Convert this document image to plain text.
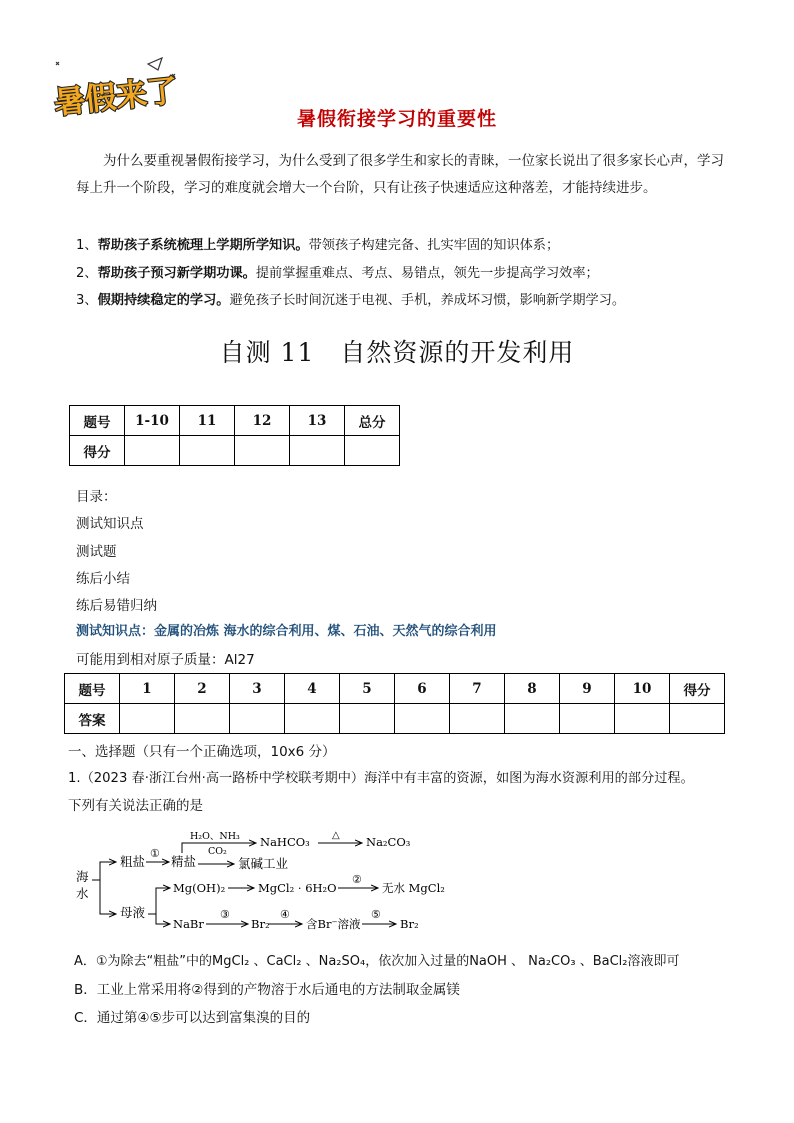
暑假来了	暑假衔接学习的重要性
为什么要重视暑假衔接学习，为什么受到了很多学生和家长的青睐，一位家长说出了很多家长心声，学习每上升一个阶段，学习的难度就会增大一个台阶，只有让孩子快速适应这种落差，才能持续进步。
1、帮助孩子系统梳理上学期所学知识。带领孩子构建完备、扎实牢固的知识体系；
2、帮助孩子预习新学期功课。提前掌握重难点、考点、易错点，领先一步提高学习效率；
3、假期持续稳定的学习。避免孩子长时间沉迷于电视、手机，养成坏习惯，影响新学期学习。
自测 11　自然资源的开发利用
题号	1-10	11	12	13	总分
得分					
目录：
测试知识点
测试题
练后小结
练后易错归纳
测试知识点：金属的冶炼 海水的综合利用、煤、石油、天然气的综合利用
可能用到相对原子质量：Al27
题号	1	2	3	4	5	6	7	8	9	10	得分
答案											
一、选择题（只有一个正确选项，10x6 分）
1.（2023 春·浙江台州·高一路桥中学校联考期中）海洋中有丰富的资源，如图为海水资源利用的部分过程。
下列有关说法正确的是
海
水
粗盐 精盐
①
H₂O、NH₃
CO₂
NaHCO₃ △ Na₂CO₃
氯碱工业
母液
Mg(OH)₂	MgCl₂ · 6H₂O
②
无水 MgCl₂
NaBr
③
Br₂
④
含Br⁻溶液
⑤
Br₂
A．①为除去“粗盐”中的MgCl₂ 、CaCl₂ 、Na₂SO₄，依次加入过量的NaOH 、 Na₂CO₃ 、BaCl₂溶液即可
B．工业上常采用将②得到的产物溶于水后通电的方法制取金属镁
C．通过第④⑤步可以达到富集溴的目的
